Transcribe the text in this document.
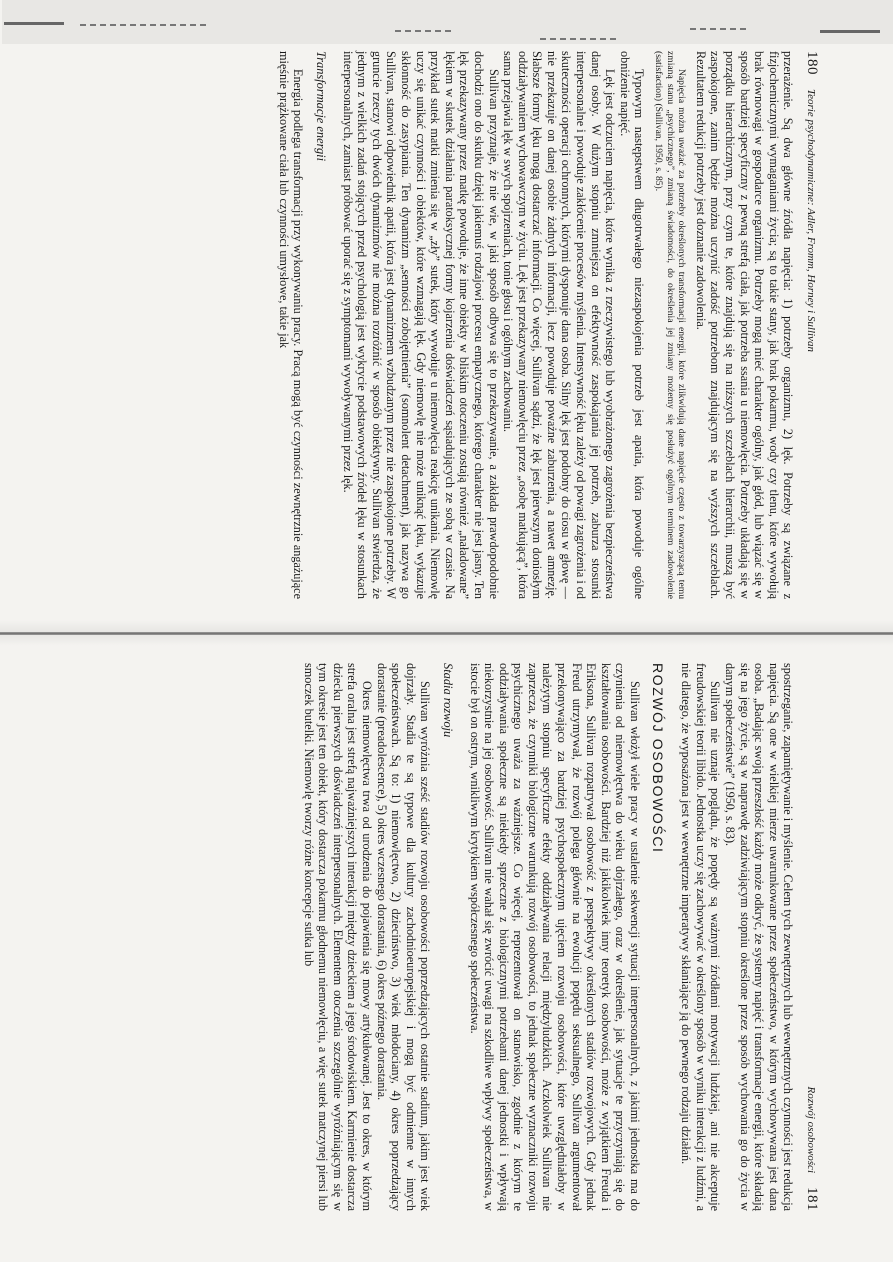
180
Teorie psychodynamiczne: Adler, Fromm, Horney i Sullivan

przerażenie. Są dwa główne źródła napięcia: 1) potrzeby organizmu, 2) lęk. Potrzeby są związane z fizjochemicznymi wymaganiami życia; są to takie stany, jak brak pokarmu, wody czy tlenu, które wywołują brak równowagi w gospodarce organizmu. Potrzeby mogą mieć charakter ogólny, jak głód, lub wiązać się w sposób bardziej specyficzny z pewną strefą ciała, jak potrzeba ssania u niemowlęcia. Potrzeby układają się w porządku hierarchicznym, przy czym te, które znajdują się na niższych szczeblach hierarchii, muszą być zaspokojone, zanim będzie można uczynić zadość potrzebom znajdującym się na wyższych szczeblach. Rezultatem redukcji potrzeby jest doznanie zadowolenia.

Napięcia można uważać za potrzeby określonych transformacji energii, które zlikwidują dane napięcie często z towarzyszącą temu zmianą stanu „psychicznego”, zmianą świadomości, do określenia jej zmiany możemy się posłużyć ogólnym terminem zadowolenie (satisfaction) (Sullivan, 1950, s. 85).

Typowym następstwem długotrwałego niezaspokojenia potrzeb jest apatia, która powoduje ogólne obniżenie napięć.

Lęk jest odczuciem napięcia, które wynika z rzeczywistego lub wyobrażonego zagrożenia bezpieczeństwa danej osoby. W dużym stopniu zmniejsza on efektywność zaspokajania jej potrzeb, zaburza stosunki interpersonalne i powoduje zakłócenie procesów myślenia. Intensywność lęku zależy od powagi zagrożenia i od skuteczności operacji ochronnych, którymi dysponuje dana osoba. Silny lęk jest podobny do ciosu w głowę — nie przekazuje on danej osobie żadnych informacji, lecz powoduje poważne zaburzenia, a nawet amnezję. Słabsze formy lęku mogą dostarczać informacji. Co więcej, Sullivan sądzi, że lęk jest pierwszym doniosłym oddziaływaniem wychowawczym w życiu. Lęk jest przekazywany niemowlęciu przez „osobę matkującą”, która sama przejawia lęk w swych spojrzeniach, tonie głosu i ogólnym zachowaniu.

Sullivan przyznaje, że nie wie, w jaki sposób odbywa się to przekazywanie, a zakłada prawdopodobnie dochodzi ono do skutku dzięki jakiemuś rodzajowi procesu empatycznego, którego charakter nie jest jasny. Ten lęk przekazywany przez matkę powoduje, że inne obiekty w bliskim otoczeniu zostają również „naładowane” lękiem w skutek działania paratoksycznej formy kojarzenia doświadczeń sąsiadujących ze sobą w czasie. Na przykład sutek matki zmienia się w „zły” sutek, który wywołuje u niemowlęcia reakcję unikania. Niemowlę uczy się unikać czynności i obiektów, które wzmagają lęk. Gdy niemowlę nie może uniknąć lęku, wykazuje skłonność do zasypiania. Ten dynamizm „senności zobojętnienia” (somnolent detachment), jak nazywa go Sullivan, stanowi odpowiednik apatii, która jest dynamizmem wzbudzanym przez nie zaspokojone potrzeby. W gruncie rzeczy tych dwóch dynamizmów nie można rozróżnić w sposób obiektywny. Sullivan stwierdza, że jednym z wielkich zadań stojących przed psychologią jest wykrycie podstawowych źródeł lęku w stosunkach interpersonalnych, zamiast próbować uporać się z symptomami wywoływanymi przez lęk.

Transformacje energii

Energia podlega transformacji przy wykonywaniu pracy. Pracą mogą być czynności zewnętrznie angażujące mięśnie prążkowane ciała lub czynności umysłowe, takie jak

Rozwój osobowości
181

spostrzeganie, zapamiętywanie i myślenie. Celem tych zewnętrznych lub wewnętrznych czynności jest redukcja napięcia. Są one w wielkiej mierze uwarunkowane przez społeczeństwo, w którym wychowywana jest dana osoba. „Badając swoją przeszłość każdy może odkryć, że systemy napięć i transformacje energii, które składają się na jego życie, są w naprawdę zadziwiającym stopniu określone przez sposób wychowania go do życia w danym społeczeństwie” (1950, s. 83).

Sullivan nie uznaje poglądu, że popędy są ważnymi źródłami motywacji ludzkiej, ani nie akceptuje freudowskiej teorii libido. Jednostka uczy się zachowywać w określony sposób w wyniku interakcji z ludźmi, a nie dlatego, że wyposażona jest w wewnętrzne imperatywy skłaniające ją do pewnego rodzaju działań.

ROZWÓJ OSOBOWOŚCI

Sullivan włożył wiele pracy w ustalenie sekwencji sytuacji interpersonalnych, z jakimi jednostka ma do czynienia od niemowlęctwa do wieku dojrzałego, oraz w określenie, jak sytuacje te przyczyniają się do kształtowania osobowości. Bardziej niż jakikolwiek inny teoretyk osobowości, może z wyjątkiem Freuda i Eriksona, Sullivan rozpatrywał osobowość z perspektywy określonych stadiów rozwojowych. Gdy jednak Freud utrzymywał, że rozwój polega głównie na ewolucji popędu seksualnego, Sullivan argumentował przekonywająco za bardziej psychospołecznym ujęciem rozwoju osobowości, które uwzględniałoby w należytym stopniu specyficzne efekty oddziaływania relacji międzyludzkich. Aczkolwiek Sullivan nie zaprzecza, że czynniki biologiczne warunkują rozwój osobowości, to jednak społeczne wyznaczniki rozwoju psychicznego uważa za ważniejsze. Co więcej, reprezentował on stanowisko, zgodnie z którym te oddziaływania społeczne są niekiedy sprzeczne z biologicznymi potrzebami danej jednostki i wpływają niekorzystnie na jej osobowość. Sullivan nie wahał się zwrócić uwagi na szkodliwe wpływy społeczeństwa, w istocie był on ostrym, wnikliwym krytykiem współczesnego społeczeństwa.

Stadia rozwoju

Sullivan wyróżnia sześć stadiów rozwoju osobowości poprzedzających ostatnie stadium, jakim jest wiek dojrzały. Stadia te są typowe dla kultury zachodnioeuropejskiej i mogą być odmienne w innych społeczeństwach. Są to: 1) niemowlęctwo, 2) dzieciństwo, 3) wiek młodociany, 4) okres poprzedzający dorastanie (preadolescence), 5) okres wczesnego dorastania, 6) okres późnego dorastania.

Okres niemowlęctwa trwa od urodzenia do pojawienia się mowy artykułowanej. Jest to okres, w którym strefa oralna jest strefą najważniejszych interakcji między dzieckiem a jego środowiskiem. Karmienie dostarcza dziecku pierwszych doświadczeń interpersonalnych. Elementem otoczenia szczególnie wyróżniającym się w tym okresie jest ten obiekt, który dostarcza pokarmu głodnemu niemowlęciu, a więc sutek matczynej piersi lub smoczek butelki. Niemowlę tworzy różne koncepcje sutka lub
